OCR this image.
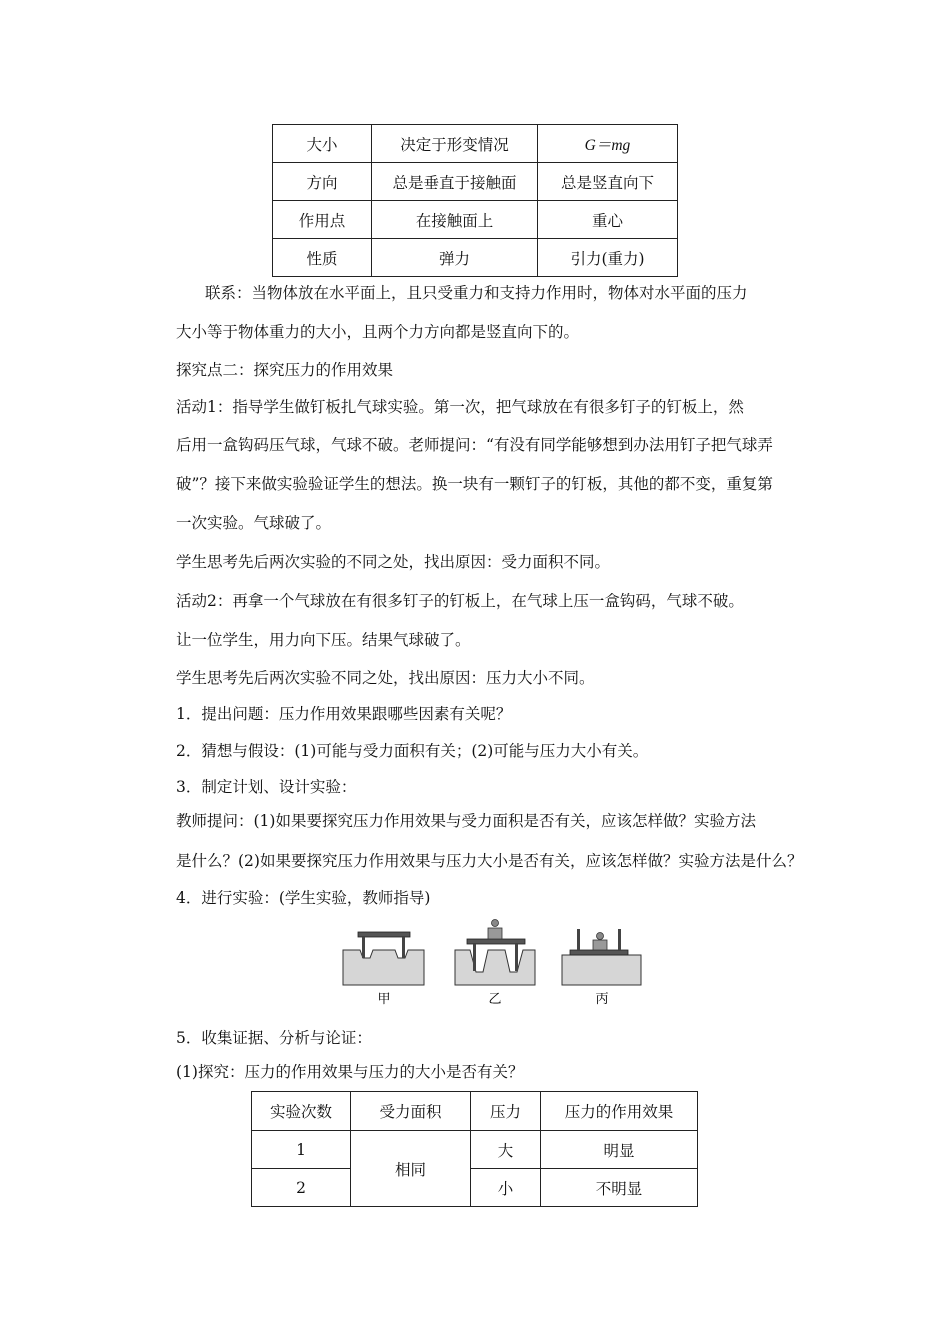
大小	决定于形变情况	G＝mg
方向	总是垂直于接触面	总是竖直向下
作用点	在接触面上	重心
性质	弹力	引力(重力)
联系：当物体放在水平面上，且只受重力和支持力作用时，物体对水平面的压力
大小等于物体重力的大小，且两个力方向都是竖直向下的。
探究点二：探究压力的作用效果
活动1：指导学生做钉板扎气球实验。第一次，把气球放在有很多钉子的钉板上，然
后用一盒钩码压气球，气球不破。老师提问：“有没有同学能够想到办法用钉子把气球弄
破”？接下来做实验验证学生的想法。换一块有一颗钉子的钉板，其他的都不变，重复第
一次实验。气球破了。
学生思考先后两次实验的不同之处，找出原因：受力面积不同。
活动2：再拿一个气球放在有很多钉子的钉板上，在气球上压一盒钩码，气球不破。
让一位学生，用力向下压。结果气球破了。
学生思考先后两次实验不同之处，找出原因：压力大小不同。
1．提出问题：压力作用效果跟哪些因素有关呢？
2．猜想与假设：(1)可能与受力面积有关；(2)可能与压力大小有关。
3．制定计划、设计实验：
教师提问：(1)如果要探究压力作用效果与受力面积是否有关，应该怎样做？实验方法
是什么？(2)如果要探究压力作用效果与压力大小是否有关，应该怎样做？实验方法是什么？
4．进行实验：(学生实验，教师指导)
甲	乙	丙
5．收集证据、分析与论证：
(1)探究：压力的作用效果与压力的大小是否有关？
实验次数	受力面积	压力	压力的作用效果
1	相同	大	明显
2		小	不明显
